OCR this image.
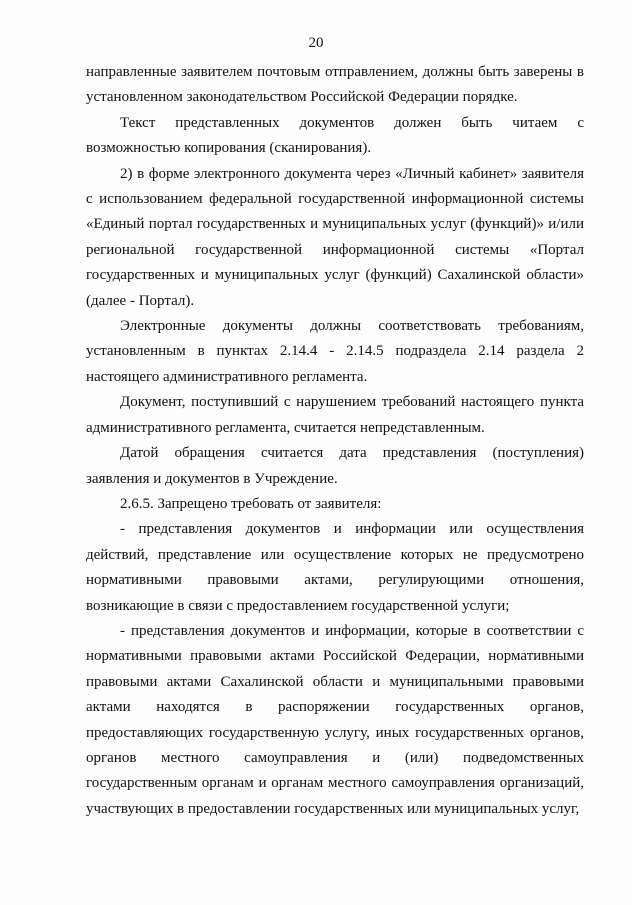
20

направленные заявителем почтовым отправлением, должны быть заверены в установленном законодательством Российской Федерации порядке.

Текст представленных документов должен быть читаем с возможностью копирования (сканирования).

2) в форме электронного документа через «Личный кабинет» заявителя с использованием федеральной государственной информационной системы «Единый портал государственных и муниципальных услуг (функций)» и/или региональной государственной информационной системы «Портал государственных и муниципальных услуг (функций) Сахалинской области» (далее - Портал).

Электронные документы должны соответствовать требованиям, установленным в пунктах 2.14.4 - 2.14.5 подраздела 2.14 раздела 2 настоящего административного регламента.

Документ, поступивший с нарушением требований настоящего пункта административного регламента, считается непредставленным.

Датой обращения считается дата представления (поступления) заявления и документов в Учреждение.

2.6.5. Запрещено требовать от заявителя:

- представления документов и информации или осуществления действий, представление или осуществление которых не предусмотрено нормативными правовыми актами, регулирующими отношения, возникающие в связи с предоставлением государственной услуги;

- представления документов и информации, которые в соответствии с нормативными правовыми актами Российской Федерации, нормативными правовыми актами Сахалинской области и муниципальными правовыми актами находятся в распоряжении государственных органов, предоставляющих государственную услугу, иных государственных органов, органов местного самоуправления и (или) подведомственных государственным органам и органам местного самоуправления организаций, участвующих в предоставлении государственных или муниципальных услуг,
